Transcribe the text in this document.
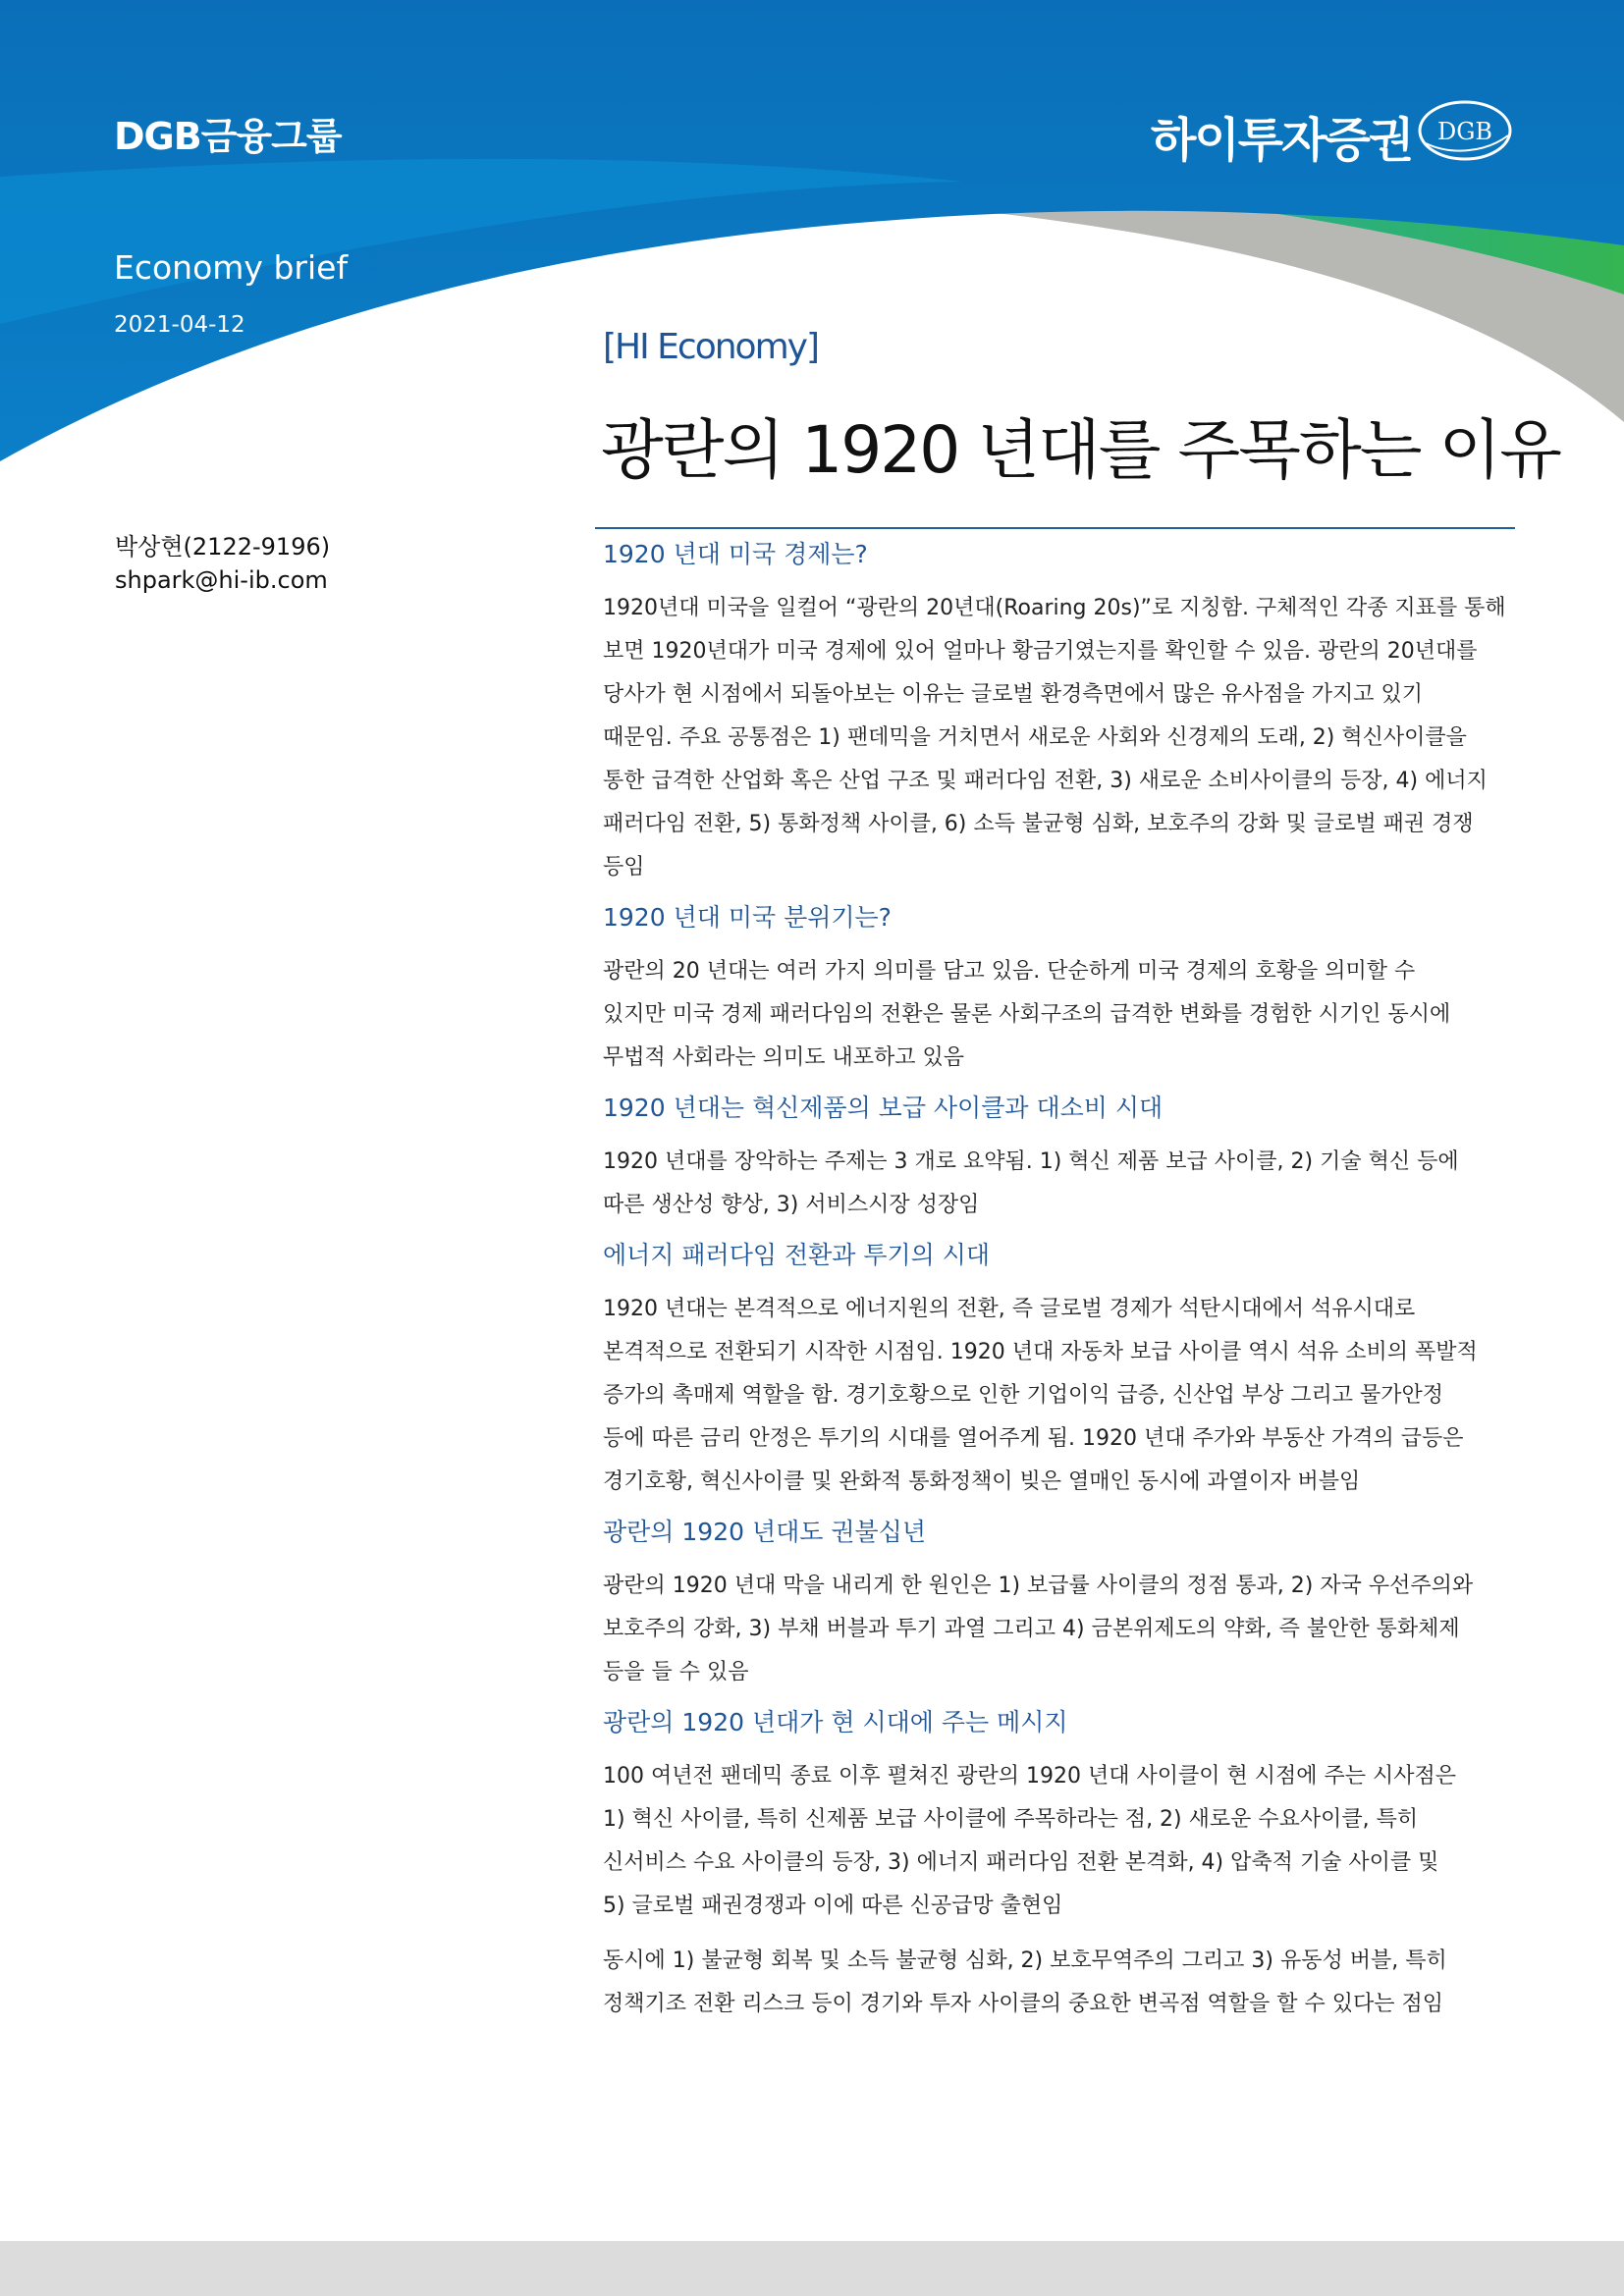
DGB금융그룹	하이투자증권 DGB
Economy brief
2021-04-12
[HI Economy]
광란의 1920 년대를 주목하는 이유
박상현(2122-9196)
shpark@hi-ib.com
1920 년대 미국 경제는?
1920년대 미국을 일컬어 “광란의 20년대(Roaring 20s)”로 지칭함. 구체적인 각종 지표를 통해
보면 1920년대가 미국 경제에 있어 얼마나 황금기였는지를 확인할 수 있음. 광란의 20년대를
당사가 현 시점에서 되돌아보는 이유는 글로벌 환경측면에서 많은 유사점을 가지고 있기
때문임. 주요 공통점은 1) 팬데믹을 거치면서 새로운 사회와 신경제의 도래, 2) 혁신사이클을
통한 급격한 산업화 혹은 산업 구조 및 패러다임 전환, 3) 새로운 소비사이클의 등장, 4) 에너지
패러다임 전환, 5) 통화정책 사이클, 6) 소득 불균형 심화, 보호주의 강화 및 글로벌 패권 경쟁
등임
1920 년대 미국 분위기는?
광란의 20 년대는 여러 가지 의미를 담고 있음. 단순하게 미국 경제의 호황을 의미할 수
있지만 미국 경제 패러다임의 전환은 물론 사회구조의 급격한 변화를 경험한 시기인 동시에
무법적 사회라는 의미도 내포하고 있음
1920 년대는 혁신제품의 보급 사이클과 대소비 시대
1920 년대를 장악하는 주제는 3 개로 요약됨. 1) 혁신 제품 보급 사이클, 2) 기술 혁신 등에
따른 생산성 향상, 3) 서비스시장 성장임
에너지 패러다임 전환과 투기의 시대
1920 년대는 본격적으로 에너지원의 전환, 즉 글로벌 경제가 석탄시대에서 석유시대로
본격적으로 전환되기 시작한 시점임. 1920 년대 자동차 보급 사이클 역시 석유 소비의 폭발적
증가의 촉매제 역할을 함. 경기호황으로 인한 기업이익 급증, 신산업 부상 그리고 물가안정
등에 따른 금리 안정은 투기의 시대를 열어주게 됨. 1920 년대 주가와 부동산 가격의 급등은
경기호황, 혁신사이클 및 완화적 통화정책이 빚은 열매인 동시에 과열이자 버블임
광란의 1920 년대도 권불십년
광란의 1920 년대 막을 내리게 한 원인은 1) 보급률 사이클의 정점 통과, 2) 자국 우선주의와
보호주의 강화, 3) 부채 버블과 투기 과열 그리고 4) 금본위제도의 약화, 즉 불안한 통화체제
등을 들 수 있음
광란의 1920 년대가 현 시대에 주는 메시지
100 여년전 팬데믹 종료 이후 펼쳐진 광란의 1920 년대 사이클이 현 시점에 주는 시사점은
1) 혁신 사이클, 특히 신제품 보급 사이클에 주목하라는 점, 2) 새로운 수요사이클, 특히
신서비스 수요 사이클의 등장, 3) 에너지 패러다임 전환 본격화, 4) 압축적 기술 사이클 및
5) 글로벌 패권경쟁과 이에 따른 신공급망 출현임
동시에 1) 불균형 회복 및 소득 불균형 심화, 2) 보호무역주의 그리고 3) 유동성 버블, 특히
정책기조 전환 리스크 등이 경기와 투자 사이클의 중요한 변곡점 역할을 할 수 있다는 점임
